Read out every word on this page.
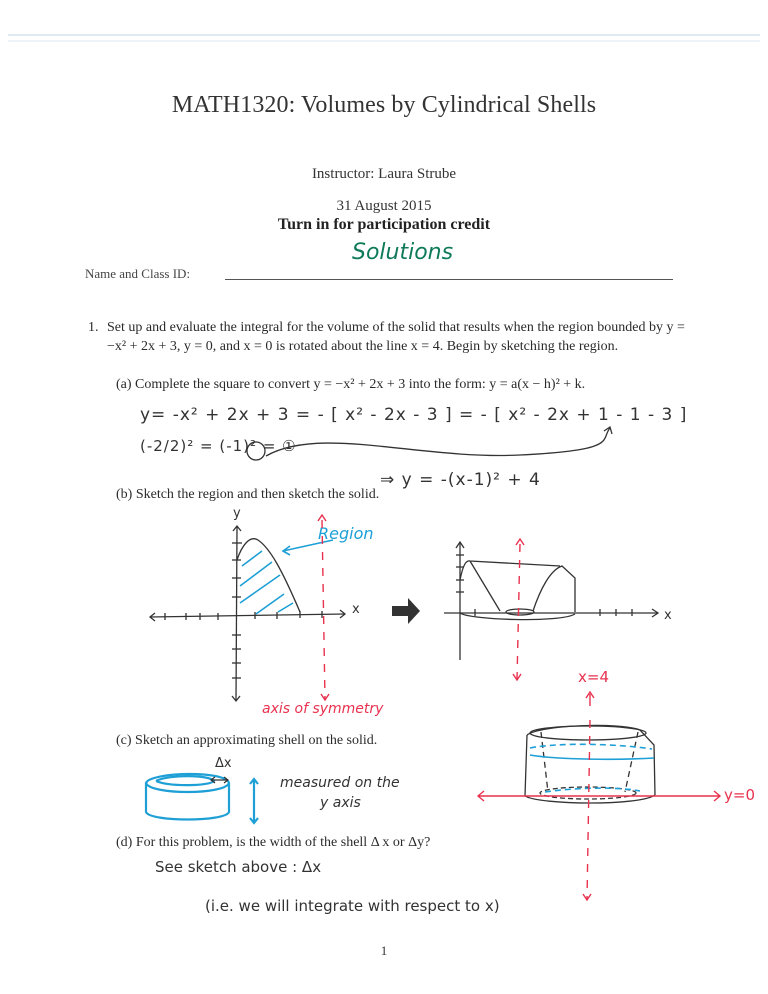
MATH1320: Volumes by Cylindrical Shells
Instructor: Laura Strube
31 August 2015
Turn in for participation credit
Name and Class ID:
Solutions
1. Set up and evaluate the integral for the volume of the solid that results when the region bounded by y = −x² + 2x + 3, y = 0, and x = 0 is rotated about the line x = 4. Begin by sketching the region.
(a) Complete the square to convert y = −x² + 2x + 3 into the form: y = a(x − h)² + k.
y= -x² + 2x + 3 = - [ x² - 2x - 3 ] = - [ x² - 2x + 1 - 1 - 3 ]
(-2/2)² = (-1)² = ①
⇒ y = -(x-1)² + 4
(b) Sketch the region and then sketch the solid.
(c) Sketch an approximating shell on the solid.
(d) For this problem, is the width of the shell Δ x or Δy?
See sketch above : Δx
(i.e. we will integrate with respect to x)
1
y
x
Region
axis of symmetry
x
x=4
y=0
Δx
measured on the
y axis
